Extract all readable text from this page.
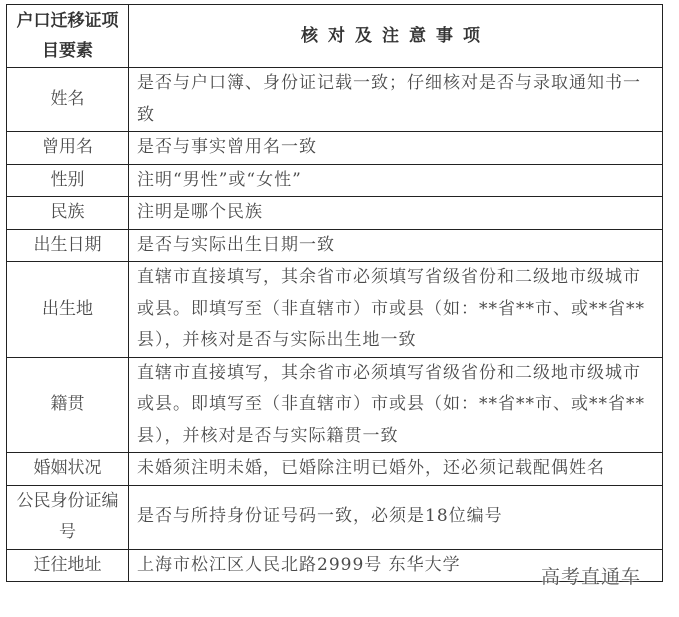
户口迁移证项目要素	核对及注意事项
姓名	是否与户口簿、身份证记载一致；仔细核对是否与录取通知书一致
曾用名	是否与事实曾用名一致
性别	注明“男性”或“女性”
民族	注明是哪个民族
出生日期	是否与实际出生日期一致
出生地	直辖市直接填写，其余省市必须填写省级省份和二级地市级城市或县。即填写至（非直辖市）市或县（如：**省**市、或**省**县），并核对是否与实际出生地一致
籍贯	直辖市直接填写，其余省市必须填写省级省份和二级地市级城市或县。即填写至（非直辖市）市或县（如：**省**市、或**省**县），并核对是否与实际籍贯一致
婚姻状况	未婚须注明未婚，已婚除注明已婚外，还必须记载配偶姓名
公民身份证编号	是否与所持身份证号码一致，必须是18位编号
迁往地址	上海市松江区人民北路2999号 东华大学
高考直通车
